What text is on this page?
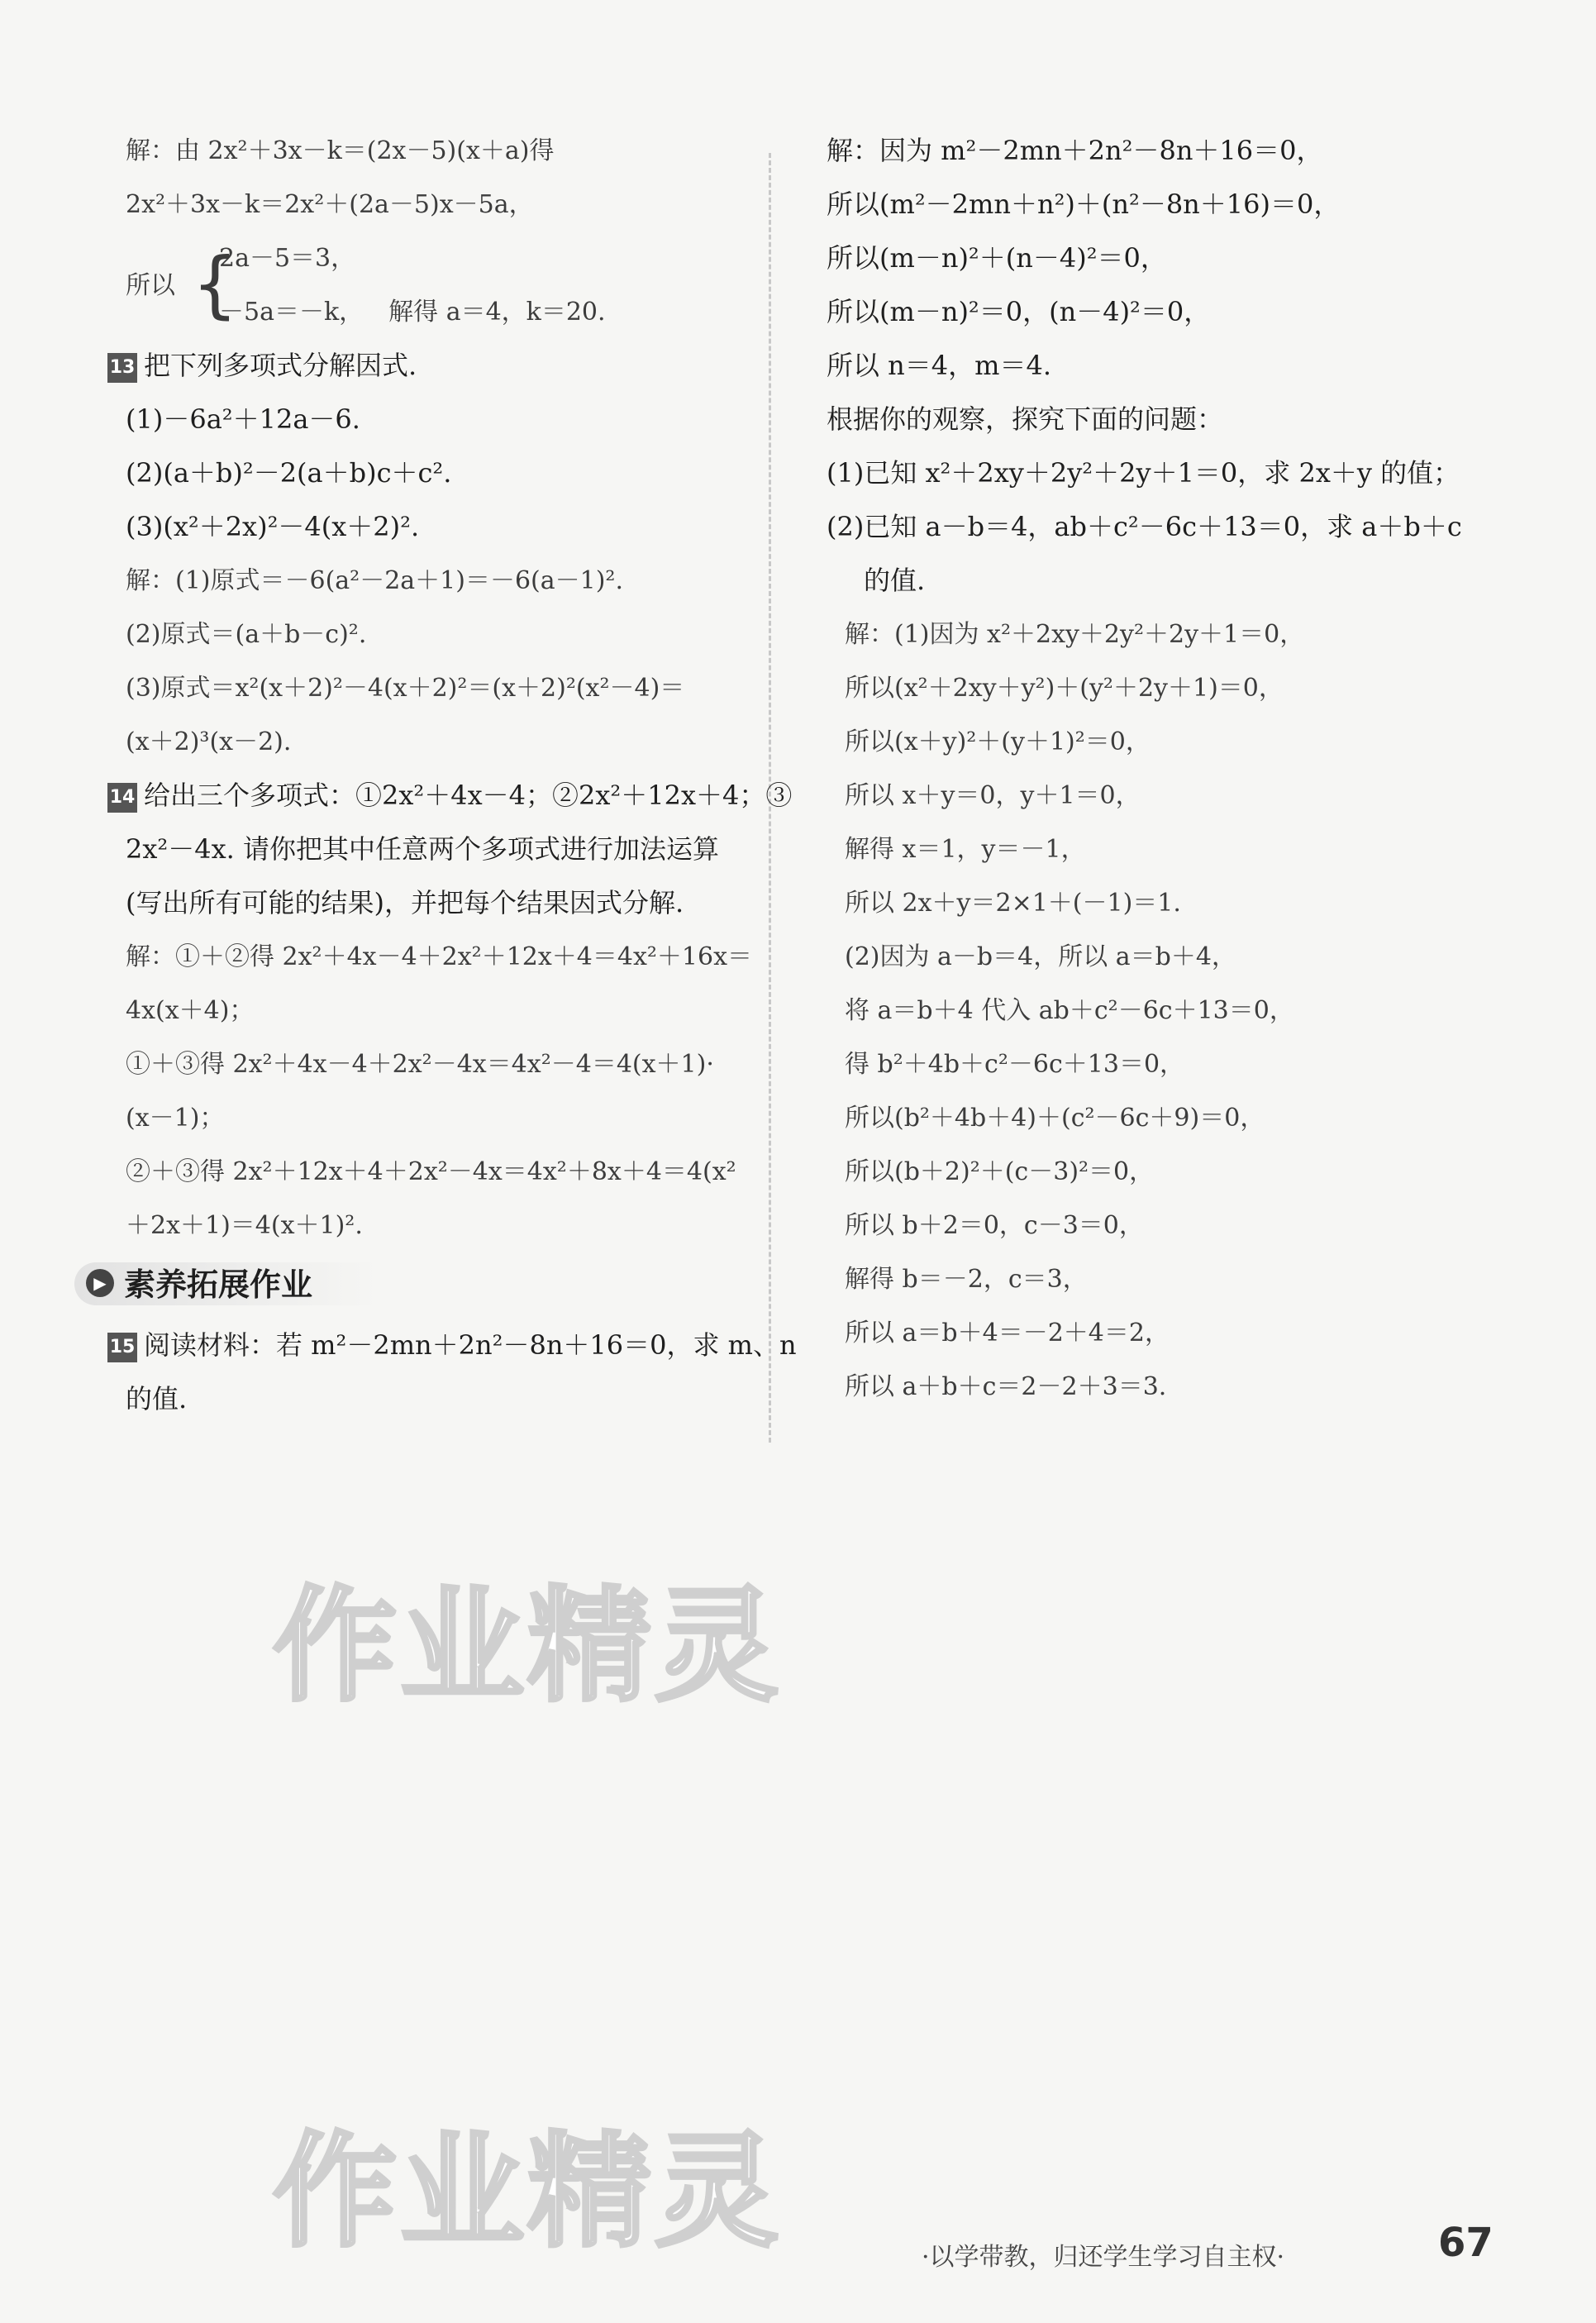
解：由 2x²＋3x－k＝(2x－5)(x＋a)得
2x²＋3x－k＝2x²＋(2a－5)x－5a，
所以 {
2a－5＝3，
－5a＝－k， 解得 a＝4，k＝20.
13 把下列多项式分解因式.
(1)－6a²＋12a－6.
(2)(a＋b)²－2(a＋b)c＋c².
(3)(x²＋2x)²－4(x＋2)².
解：(1)原式＝－6(a²－2a＋1)＝－6(a－1)².
(2)原式＝(a＋b－c)².
(3)原式＝x²(x＋2)²－4(x＋2)²＝(x＋2)²(x²－4)＝
(x＋2)³(x－2).
14 给出三个多项式：①2x²＋4x－4；②2x²＋12x＋4；③
2x²－4x. 请你把其中任意两个多项式进行加法运算
(写出所有可能的结果)，并把每个结果因式分解.
解：①＋②得 2x²＋4x－4＋2x²＋12x＋4＝4x²＋16x＝
4x(x＋4)；
①＋③得 2x²＋4x－4＋2x²－4x＝4x²－4＝4(x＋1)·
(x－1)；
②＋③得 2x²＋12x＋4＋2x²－4x＝4x²＋8x＋4＝4(x²
＋2x＋1)＝4(x＋1)².
▶ 素养拓展作业
15 阅读材料：若 m²－2mn＋2n²－8n＋16＝0，求 m、n
的值.
解：因为 m²－2mn＋2n²－8n＋16＝0，
所以(m²－2mn＋n²)＋(n²－8n＋16)＝0，
所以(m－n)²＋(n－4)²＝0，
所以(m－n)²＝0，(n－4)²＝0，
所以 n＝4，m＝4.
根据你的观察，探究下面的问题：
(1)已知 x²＋2xy＋2y²＋2y＋1＝0，求 2x＋y 的值；
(2)已知 a－b＝4，ab＋c²－6c＋13＝0，求 a＋b＋c
的值.
解：(1)因为 x²＋2xy＋2y²＋2y＋1＝0，
所以(x²＋2xy＋y²)＋(y²＋2y＋1)＝0，
所以(x＋y)²＋(y＋1)²＝0，
所以 x＋y＝0，y＋1＝0，
解得 x＝1，y＝－1，
所以 2x＋y＝2×1＋(－1)＝1.
(2)因为 a－b＝4，所以 a＝b＋4，
将 a＝b＋4 代入 ab＋c²－6c＋13＝0，
得 b²＋4b＋c²－6c＋13＝0，
所以(b²＋4b＋4)＋(c²－6c＋9)＝0，
所以(b＋2)²＋(c－3)²＝0，
所以 b＋2＝0，c－3＝0，
解得 b＝－2，c＝3，
所以 a＝b＋4＝－2＋4＝2，
所以 a＋b＋c＝2－2＋3＝3.
作业精灵
作业精灵	·以学带教，归还学生学习自主权·	67
